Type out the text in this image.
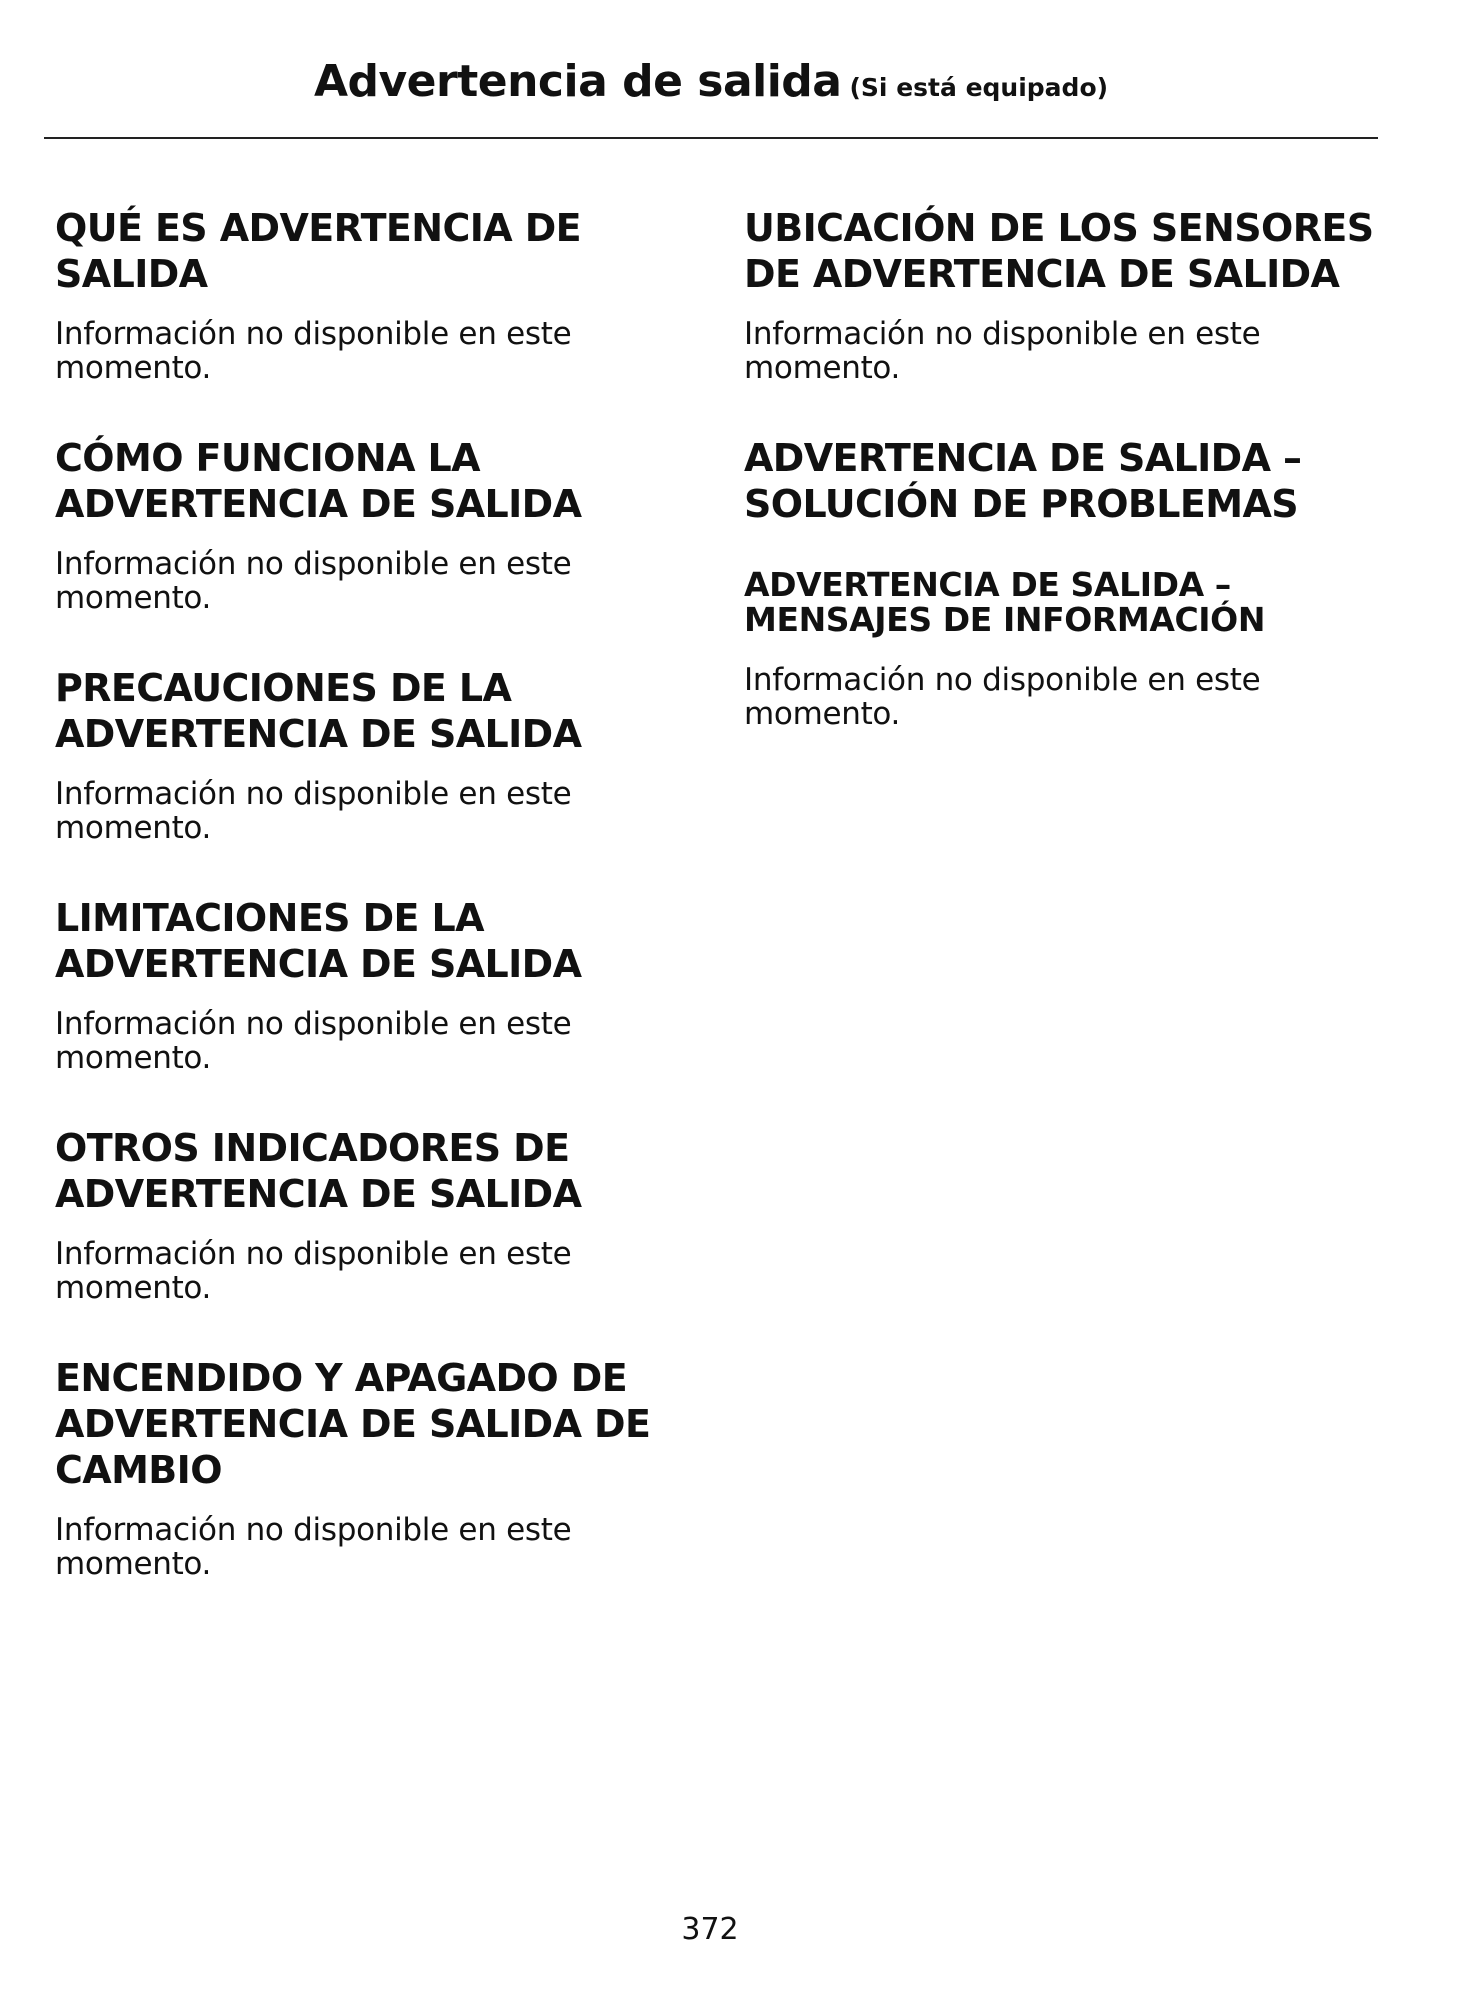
Advertencia de salida (Si está equipado)
QUÉ ES ADVERTENCIA DE SALIDA

Información no disponible en este momento.

CÓMO FUNCIONA LA ADVERTENCIA DE SALIDA

Información no disponible en este momento.

PRECAUCIONES DE LA ADVERTENCIA DE SALIDA

Información no disponible en este momento.

LIMITACIONES DE LA ADVERTENCIA DE SALIDA

Información no disponible en este momento.

OTROS INDICADORES DE ADVERTENCIA DE SALIDA

Información no disponible en este momento.

ENCENDIDO Y APAGADO DE ADVERTENCIA DE SALIDA DE CAMBIO

Información no disponible en este momento.

UBICACIÓN DE LOS SENSORES DE ADVERTENCIA DE SALIDA

Información no disponible en este momento.

ADVERTENCIA DE SALIDA – SOLUCIÓN DE PROBLEMAS
ADVERTENCIA DE SALIDA – MENSAJES DE INFORMACIÓN

Información no disponible en este momento.

372
